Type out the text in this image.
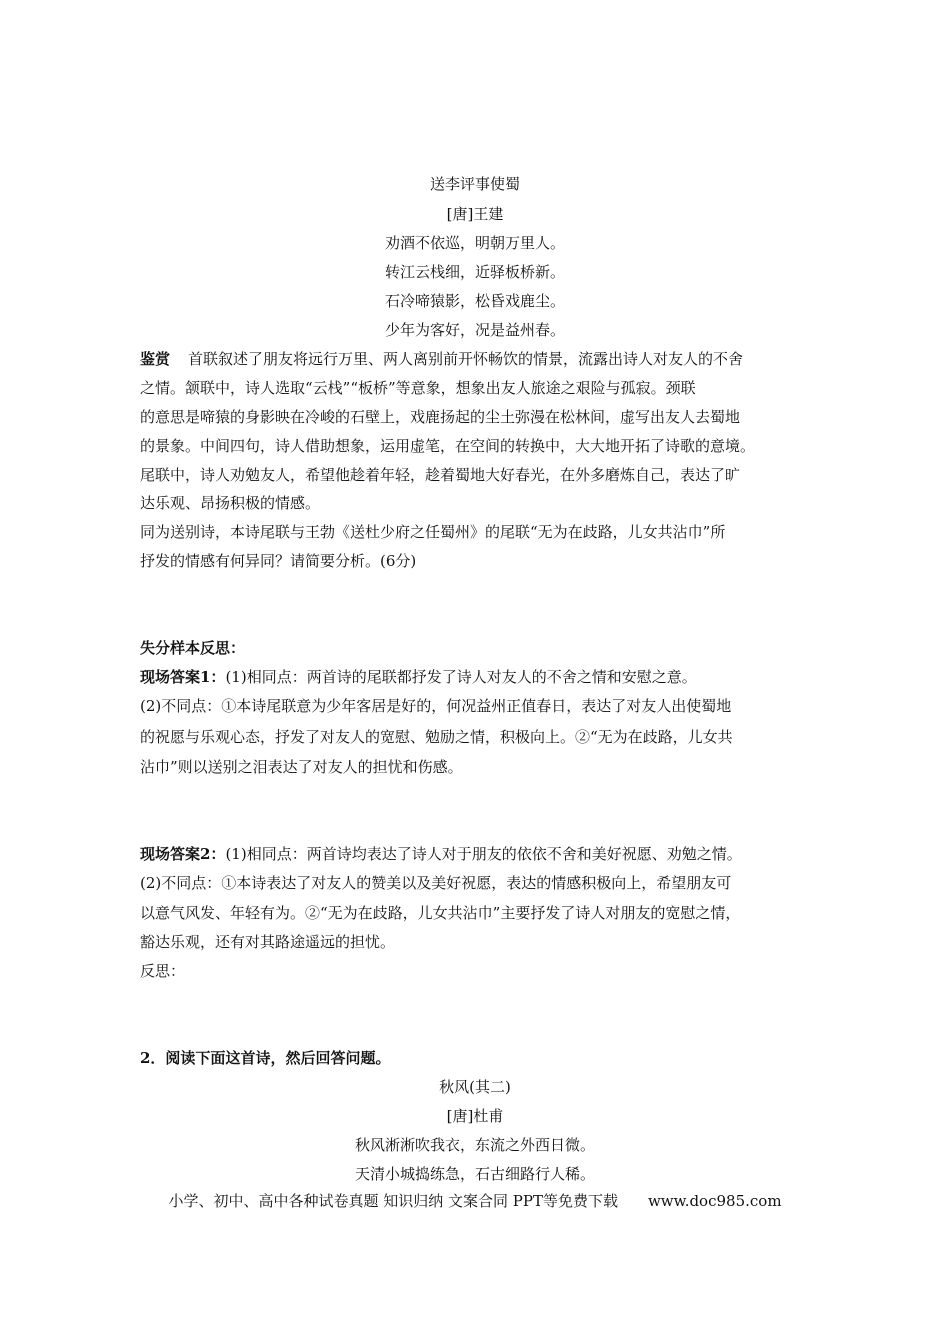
送李评事使蜀
[唐]王建
劝酒不依巡，明朝万里人。
转江云栈细，近驿板桥新。
石冷啼猿影，松昏戏鹿尘。
少年为客好，况是益州春。
鉴赏 首联叙述了朋友将远行万里、两人离别前开怀畅饮的情景，流露出诗人对友人的不舍
之情。颔联中，诗人选取“云栈”“板桥”等意象，想象出友人旅途之艰险与孤寂。颈联
的意思是啼猿的身影映在冷峻的石壁上，戏鹿扬起的尘土弥漫在松林间，虚写出友人去蜀地
的景象。中间四句，诗人借助想象，运用虚笔，在空间的转换中，大大地开拓了诗歌的意境。
尾联中，诗人劝勉友人，希望他趁着年轻，趁着蜀地大好春光，在外多磨炼自己，表达了旷
达乐观、昂扬积极的情感。
同为送别诗，本诗尾联与王勃《送杜少府之任蜀州》的尾联“无为在歧路，儿女共沾巾”所
抒发的情感有何异同？请简要分析。(6分)
失分样本反思：
现场答案1：(1)相同点：两首诗的尾联都抒发了诗人对友人的不舍之情和安慰之意。
(2)不同点：①本诗尾联意为少年客居是好的，何况益州正值春日，表达了对友人出使蜀地
的祝愿与乐观心态，抒发了对友人的宽慰、勉励之情，积极向上。②“无为在歧路，儿女共
沾巾”则以送别之泪表达了对友人的担忧和伤感。
现场答案2：(1)相同点：两首诗均表达了诗人对于朋友的依依不舍和美好祝愿、劝勉之情。
(2)不同点：①本诗表达了对友人的赞美以及美好祝愿，表达的情感积极向上，希望朋友可
以意气风发、年轻有为。②“无为在歧路，儿女共沾巾”主要抒发了诗人对朋友的宽慰之情，
豁达乐观，还有对其路途遥远的担忧。
反思：
2．阅读下面这首诗，然后回答问题。
秋风(其二)
[唐]杜甫
秋风淅淅吹我衣，东流之外西日微。
天清小城捣练急，石古细路行人稀。
小学、初中、高中各种试卷真题 知识归纳 文案合同 PPT等免费下载 www.doc985.com
